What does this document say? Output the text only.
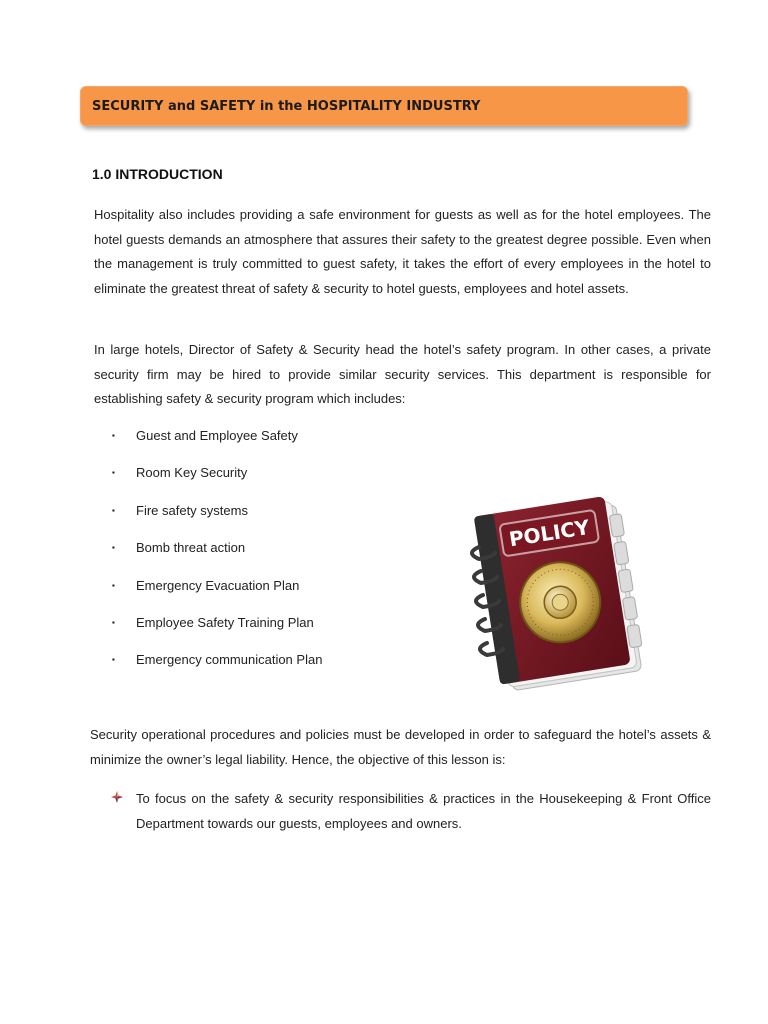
SECURITY and SAFETY in the HOSPITALITY INDUSTRY
1.0 INTRODUCTION

Hospitality also includes providing a safe environment for guests as well as for the hotel employees. The hotel guests demands an atmosphere that assures their safety to the greatest degree possible. Even when the management is truly committed to guest safety, it takes the effort of every employees in the hotel to eliminate the greatest threat of safety & security to hotel guests, employees and hotel assets.

In large hotels, Director of Safety & Security head the hotel’s safety program. In other cases, a private security firm may be hired to provide similar security services. This department is responsible for establishing safety & security program which includes:

▪	Guest and Employee Safety
▪	Room Key Security
▪	Fire safety systems
▪	Bomb threat action
▪	Emergency Evacuation Plan
▪	Employee Safety Training Plan
▪	Emergency communication Plan
POLICY

Security operational procedures and policies must be developed in order to safeguard the hotel’s assets & minimize the owner’s legal liability. Hence, the objective of this lesson is:

To focus on the safety & security responsibilities & practices in the Housekeeping & Front Office Department towards our guests, employees and owners.
